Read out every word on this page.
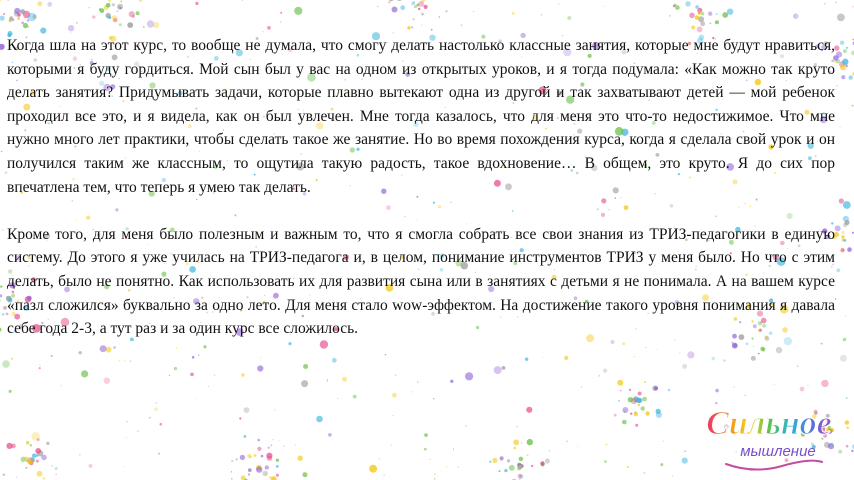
Когда шла на этот курс, то вообще не думала, что смогу делать настолько классные занятия, которые мне будут нравиться, которыми я буду гордиться. Мой сын был у вас на одном из открытых уроков, и я тогда подумала: «Как можно так круто делать занятия? Придумывать задачи, которые плавно вытекают одна из другой и так захватывают детей — мой ребенок проходил все это, и я видела, как он был увлечен. Мне тогда казалось, что для меня это что-то недостижимое. Что мне нужно много лет практики, чтобы сделать такое же занятие. Но во время похождения курса, когда я сделала свой урок и он получился таким же классным, то ощутила такую радость, такое вдохновение… В общем, это круто. Я до сих пор впечатлена тем, что теперь я умею так делать.

Кроме того, для меня было полезным и важным то, что я смогла собрать все свои знания из ТРИЗ-педагогики в единую систему. До этого я уже училась на ТРИЗ-педагога и, в целом, понимание инструментов ТРИЗ у меня было. Но что с этим делать, было не понятно. Как использовать их для развития сына или в занятиях с детьми я не понимала. А на вашем курсе «пазл сложился» буквально за одно лето. Для меня стало wow-эффектом. На достижение такого уровня понимания я давала себе года 2-3, а тут раз и за один курс все сложилось.

Сильное
мышление
